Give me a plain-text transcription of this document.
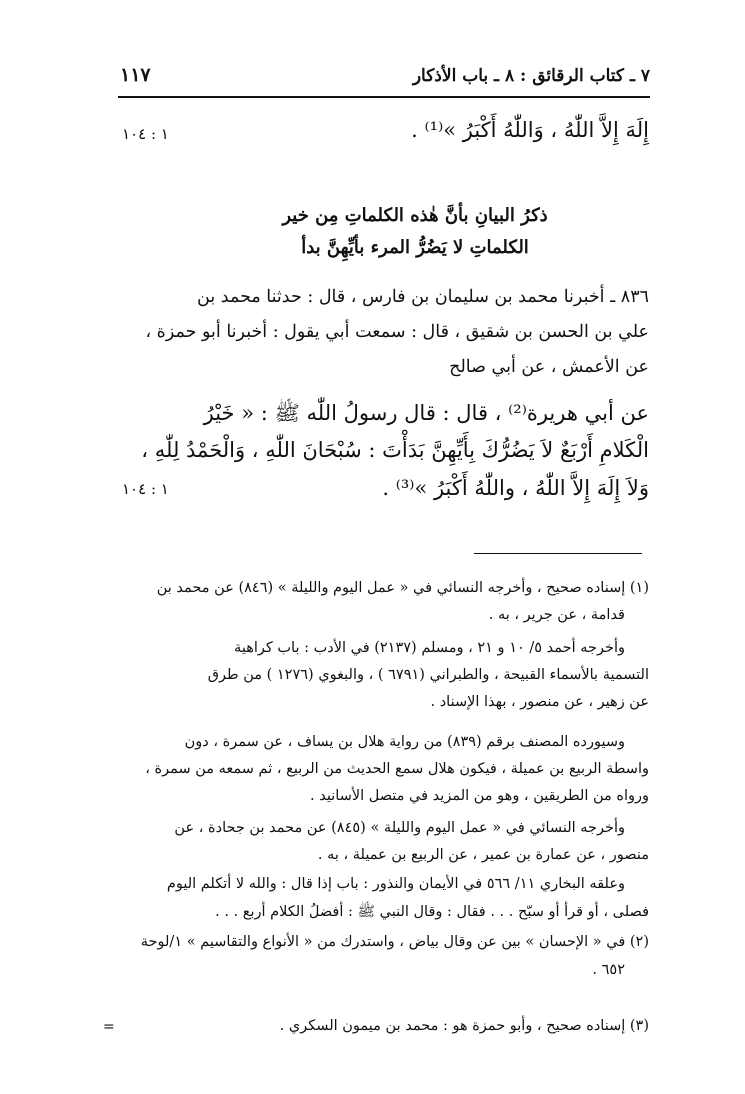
٧ ـ كتاب الرقائق : ٨ ـ باب الأذكار
١١٧
إِلَهَ إِلاَّ اللّٰهُ ، وَاللّٰهُ أَكْبَرُ »⁽¹⁾ .
١ : ١٠٤
ذكرُ البيانِ بأنَّ هٰذه الكلماتِ مِن خير
الكلماتِ لا يَضُرُّ المرء بأيِّهِنَّ بدأ
٨٣٦ ـ أخبرنا محمد بن سليمان بن فارس ، قال : حدثنا محمد بن
علي بن الحسن بن شقيق ، قال : سمعت أبي يقول : أخبرنا أبو حمزة ،
عن الأعمش ، عن أبي صالح
عن أبي هريرة⁽²⁾ ، قال : قال رسولُ اللّٰه ﷺ : « خَيْرُ
الْكَلامِ أَرْبَعٌ لاَ يَضُرُّكَ بِأَيِّهِنَّ بَدَأْتَ : سُبْحَانَ اللّٰهِ ، وَالْحَمْدُ لِلّٰهِ ،
وَلاَ إِلَهَ إِلاَّ اللّٰهُ ، واللّٰهُ أَكْبَرُ »⁽³⁾ .
١ : ١٠٤
(١) إسناده صحيح ، وأخرجه النسائي في « عمل اليوم والليلة » (٨٤٦) عن محمد بن
قدامة ، عن جرير ، به .
وأخرجه أحمد ٥/ ١٠ و ٢١ ، ومسلم (٢١٣٧) في الأدب : باب كراهية
التسمية بالأسماء القبيحة ، والطبراني (٦٧٩١ ) ، والبغوي (١٢٧٦ ) من طرق
عن زهير ، عن منصور ، بهذا الإسناد .
وسيورده المصنف برقم (٨٣٩) من رواية هلال بن يساف ، عن سمرة ، دون
واسطة الربيع بن عميلة ، فيكون هلال سمع الحديث من الربيع ، ثم سمعه من سمرة ،
ورواه من الطريقين ، وهو من المزيد في متصل الأسانيد .
وأخرجه النسائي في « عمل اليوم والليلة » (٨٤٥) عن محمد بن جحادة ، عن
منصور ، عن عمارة بن عمير ، عن الربيع بن عميلة ، به .
وعلقه البخاري ١١/ ٥٦٦ في الأيمان والنذور : باب إذا قال : والله لا أتكلم اليوم
فصلى ، أو قرأ أو سبّح . . . فقال : وقال النبي ﷺ : أفضلُ الكلام أربع . . .
(٢) في « الإحسان » بين عن وقال بياض ، واستدرك من « الأنواع والتقاسيم » ١/لوحة
٦٥٢ .
(٣) إسناده صحيح ، وأبو حمزة هو : محمد بن ميمون السكري .
=
